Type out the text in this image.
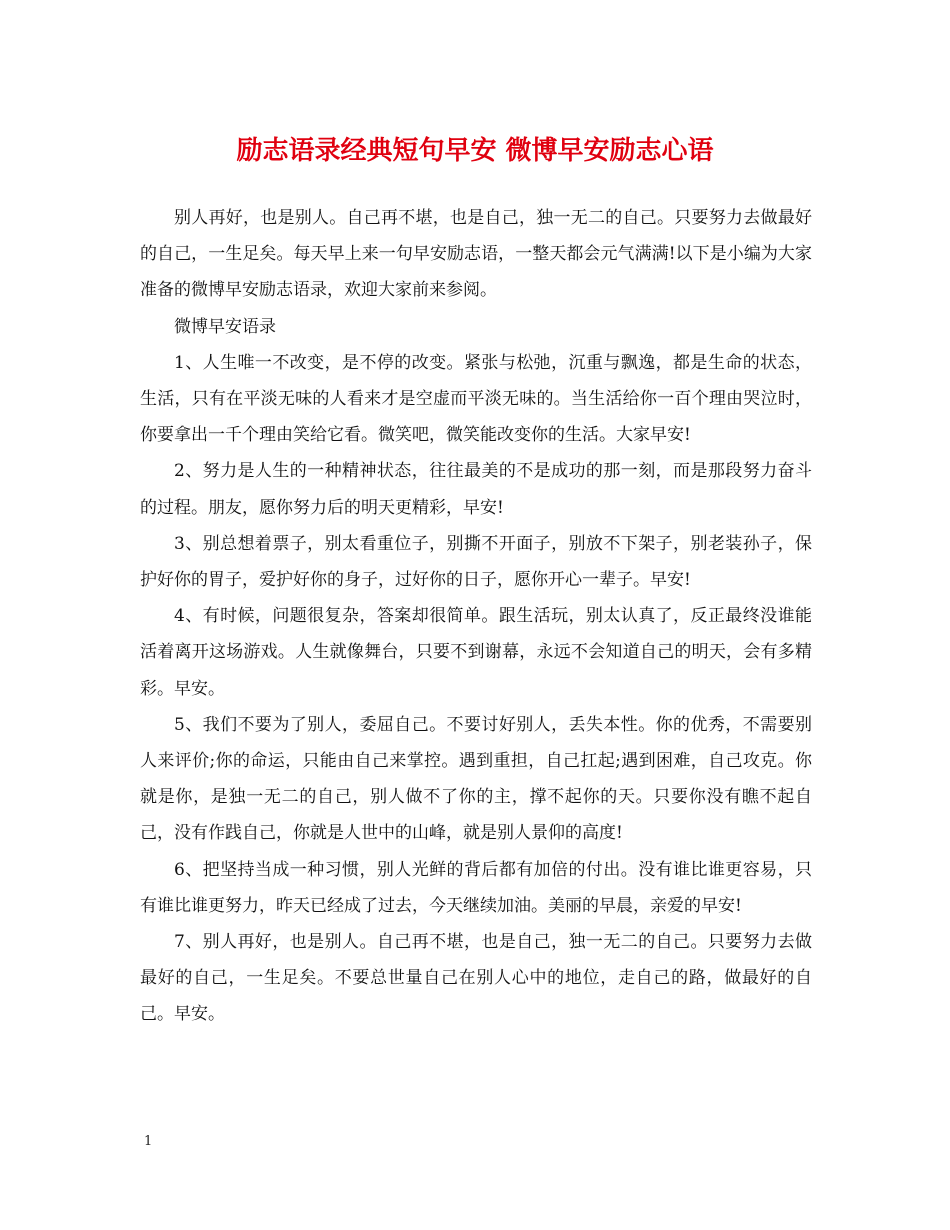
励志语录经典短句早安 微博早安励志心语

别人再好，也是别人。自己再不堪，也是自己，独一无二的自己。只要努力去做最好的自己，一生足矣。每天早上来一句早安励志语，一整天都会元气满满!以下是小编为大家准备的微博早安励志语录，欢迎大家前来参阅。

微博早安语录

1、人生唯一不改变，是不停的改变。紧张与松弛，沉重与飘逸，都是生命的状态，生活，只有在平淡无味的人看来才是空虚而平淡无味的。当生活给你一百个理由哭泣时，你要拿出一千个理由笑给它看。微笑吧，微笑能改变你的生活。大家早安!

2、努力是人生的一种精神状态，往往最美的不是成功的那一刻，而是那段努力奋斗的过程。朋友，愿你努力后的明天更精彩，早安!

3、别总想着票子，别太看重位子，别撕不开面子，别放不下架子，别老装孙子，保护好你的胃子，爱护好你的身子，过好你的日子，愿你开心一辈子。早安!

4、有时候，问题很复杂，答案却很简单。跟生活玩，别太认真了，反正最终没谁能活着离开这场游戏。人生就像舞台，只要不到谢幕，永远不会知道自己的明天，会有多精彩。早安。

5、我们不要为了别人，委屈自己。不要讨好别人，丢失本性。你的优秀，不需要别人来评价;你的命运，只能由自己来掌控。遇到重担，自己扛起;遇到困难，自己攻克。你就是你，是独一无二的自己，别人做不了你的主，撑不起你的天。只要你没有瞧不起自己，没有作践自己，你就是人世中的山峰，就是别人景仰的高度!

6、把坚持当成一种习惯，别人光鲜的背后都有加倍的付出。没有谁比谁更容易，只有谁比谁更努力，昨天已经成了过去，今天继续加油。美丽的早晨，亲爱的早安!

7、别人再好，也是别人。自己再不堪，也是自己，独一无二的自己。只要努力去做最好的自己，一生足矣。不要总世量自己在别人心中的地位，走自己的路，做最好的自己。早安。

1
